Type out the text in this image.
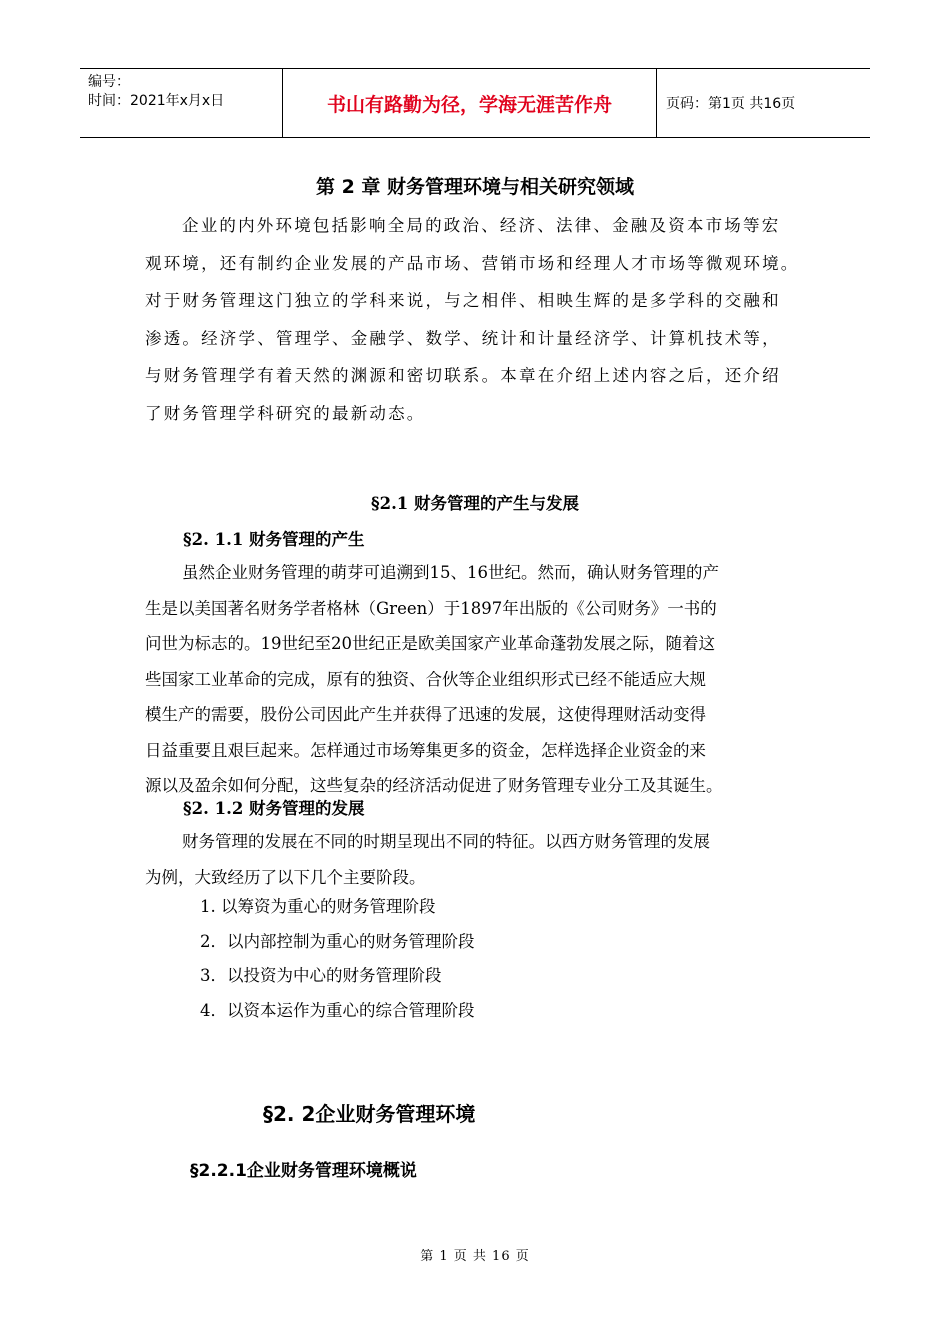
编号：
时间：2021年x月x日	书山有路勤为径，学海无涯苦作舟	页码：第1页 共16页
第 2 章 财务管理环境与相关研究领域
企业的内外环境包括影响全局的政治、经济、法律、金融及资本市场等宏
观环境，还有制约企业发展的产品市场、营销市场和经理人才市场等微观环境。
对于财务管理这门独立的学科来说，与之相伴、相映生辉的是多学科的交融和
渗透。经济学、管理学、金融学、数学、统计和计量经济学、计算机技术等，
与财务管理学有着天然的渊源和密切联系。本章在介绍上述内容之后，还介绍
了财务管理学科研究的最新动态。
§2.1 财务管理的产生与发展
§2. 1.1 财务管理的产生
虽然企业财务管理的萌芽可追溯到15、16世纪。然而，确认财务管理的产
生是以美国著名财务学者格林（Green）于1897年出版的《公司财务》一书的
问世为标志的。19世纪至20世纪正是欧美国家产业革命蓬勃发展之际，随着这
些国家工业革命的完成，原有的独资、合伙等企业组织形式已经不能适应大规
模生产的需要，股份公司因此产生并获得了迅速的发展，这使得理财活动变得
日益重要且艰巨起来。怎样通过市场筹集更多的资金，怎样选择企业资金的来
源以及盈余如何分配，这些复杂的经济活动促进了财务管理专业分工及其诞生。
§2. 1.2 财务管理的发展
财务管理的发展在不同的时期呈现出不同的特征。以西方财务管理的发展
为例，大致经历了以下几个主要阶段。
1. 以筹资为重心的财务管理阶段
2．以内部控制为重心的财务管理阶段
3．以投资为中心的财务管理阶段
4．以资本运作为重心的综合管理阶段
§2. 2企业财务管理环境
§2.2.1企业财务管理环境概说
第 1 页 共 16 页
